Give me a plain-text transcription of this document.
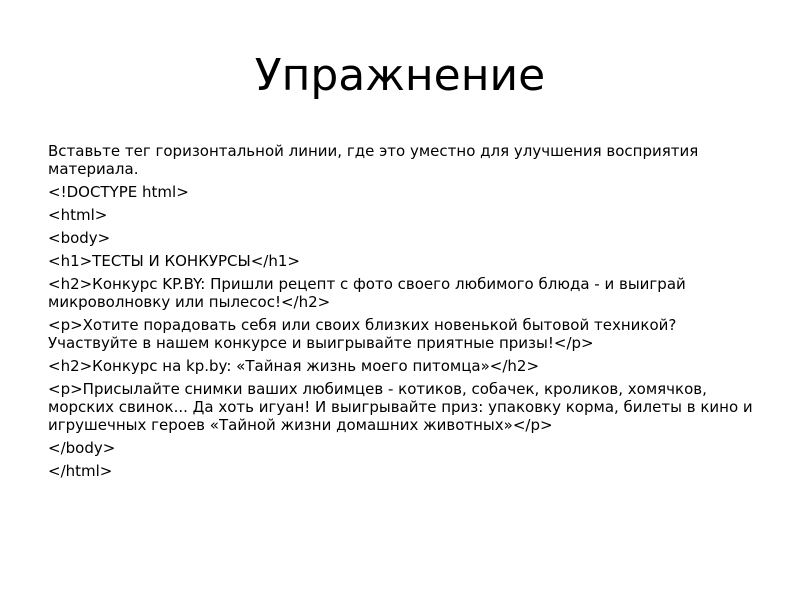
Упражнение
Вставьте тег горизонтальной линии, где это уместно для улучшения восприятия материала.
<!DOCTYPE html>
<html>
<body>
<h1>ТЕСТЫ И КОНКУРСЫ</h1>
<h2>Конкурс KP.BY: Пришли рецепт с фото своего любимого блюда - и выиграй микроволновку или пылесос!</h2>
<p>Хотите порадовать себя или своих близких новенькой бытовой техникой? Участвуйте в нашем конкурсе и выигрывайте приятные призы!</p>
<h2>Конкурс на kp.by: «Тайная жизнь моего питомца»</h2>
<p>Присылайте снимки ваших любимцев - котиков, собачек, кроликов, хомячков, морских свинок... Да хоть игуан! И выигрывайте приз: упаковку корма, билеты в кино и игрушечных героев «Тайной жизни домашних животных»</p>
</body>
</html>
